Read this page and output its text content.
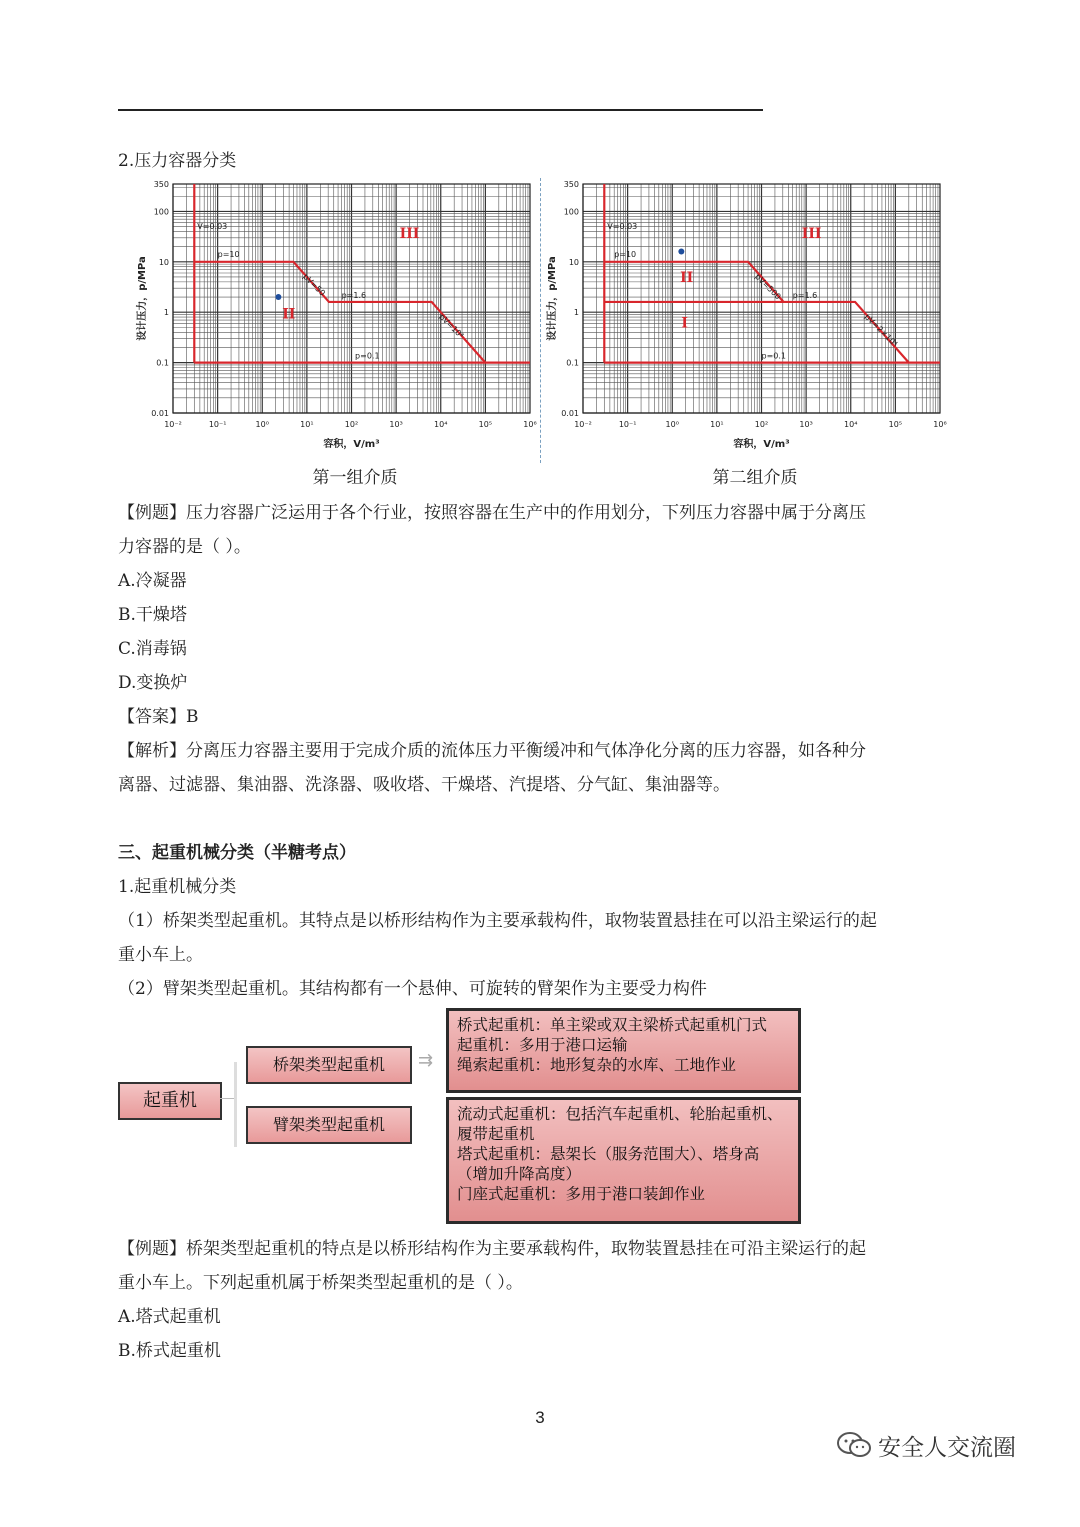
2.压力容器分类
350
100
10
1
0.1
0.01
10⁻²	10⁻¹	10⁰	10¹	10²	10³	10⁴	10⁵	10⁶
容积，V/m³
设计压力，p/MPa
V=0.03
p=10
pV=50 p=1.6
pV=10⁴
p=0.1
III
II
350
100
10
1
0.1
0.01
10⁻²	10⁻¹	10⁰	10¹	10²	10³	10⁴	10⁵	10⁶
容积，V/m³
设计压力，p/MPa
V=0.03
p=10
pV=500 p=1.6
pV=2×10⁴
p=0.1
III
II
I
第一组介质	第二组介质
【例题】压力容器广泛运用于各个行业，按照容器在生产中的作用划分，下列压力容器中属于分离压
力容器的是（ ）。
A.冷凝器
B.干燥塔
C.消毒锅
D.变换炉
【答案】B
【解析】分离压力容器主要用于完成介质的流体压力平衡缓冲和气体净化分离的压力容器，如各种分
离器、过滤器、集油器、洗涤器、吸收塔、干燥塔、汽提塔、分气缸、集油器等。
三、起重机械分类（半糖考点）
1.起重机械分类
（1）桥架类型起重机。其特点是以桥形结构作为主要承载构件，取物装置悬挂在可以沿主梁运行的起
重小车上。
（2）臂架类型起重机。其结构都有一个悬伸、可旋转的臂架作为主要受力构件
起重机
桥架类型起重机
臂架类型起重机
⇉
桥式起重机：单主梁或双主梁桥式起重机门式
起重机：多用于港口运输
绳索起重机：地形复杂的水库、工地作业
流动式起重机：包括汽车起重机、轮胎起重机、
履带起重机
塔式起重机：悬架长（服务范围大）、塔身高
（增加升降高度）
门座式起重机：多用于港口装卸作业
【例题】桥架类型起重机的特点是以桥形结构作为主要承载构件，取物装置悬挂在可沿主梁运行的起
重小车上。下列起重机属于桥架类型起重机的是（ ）。
A.塔式起重机
B.桥式起重机
3
安全人交流圈
